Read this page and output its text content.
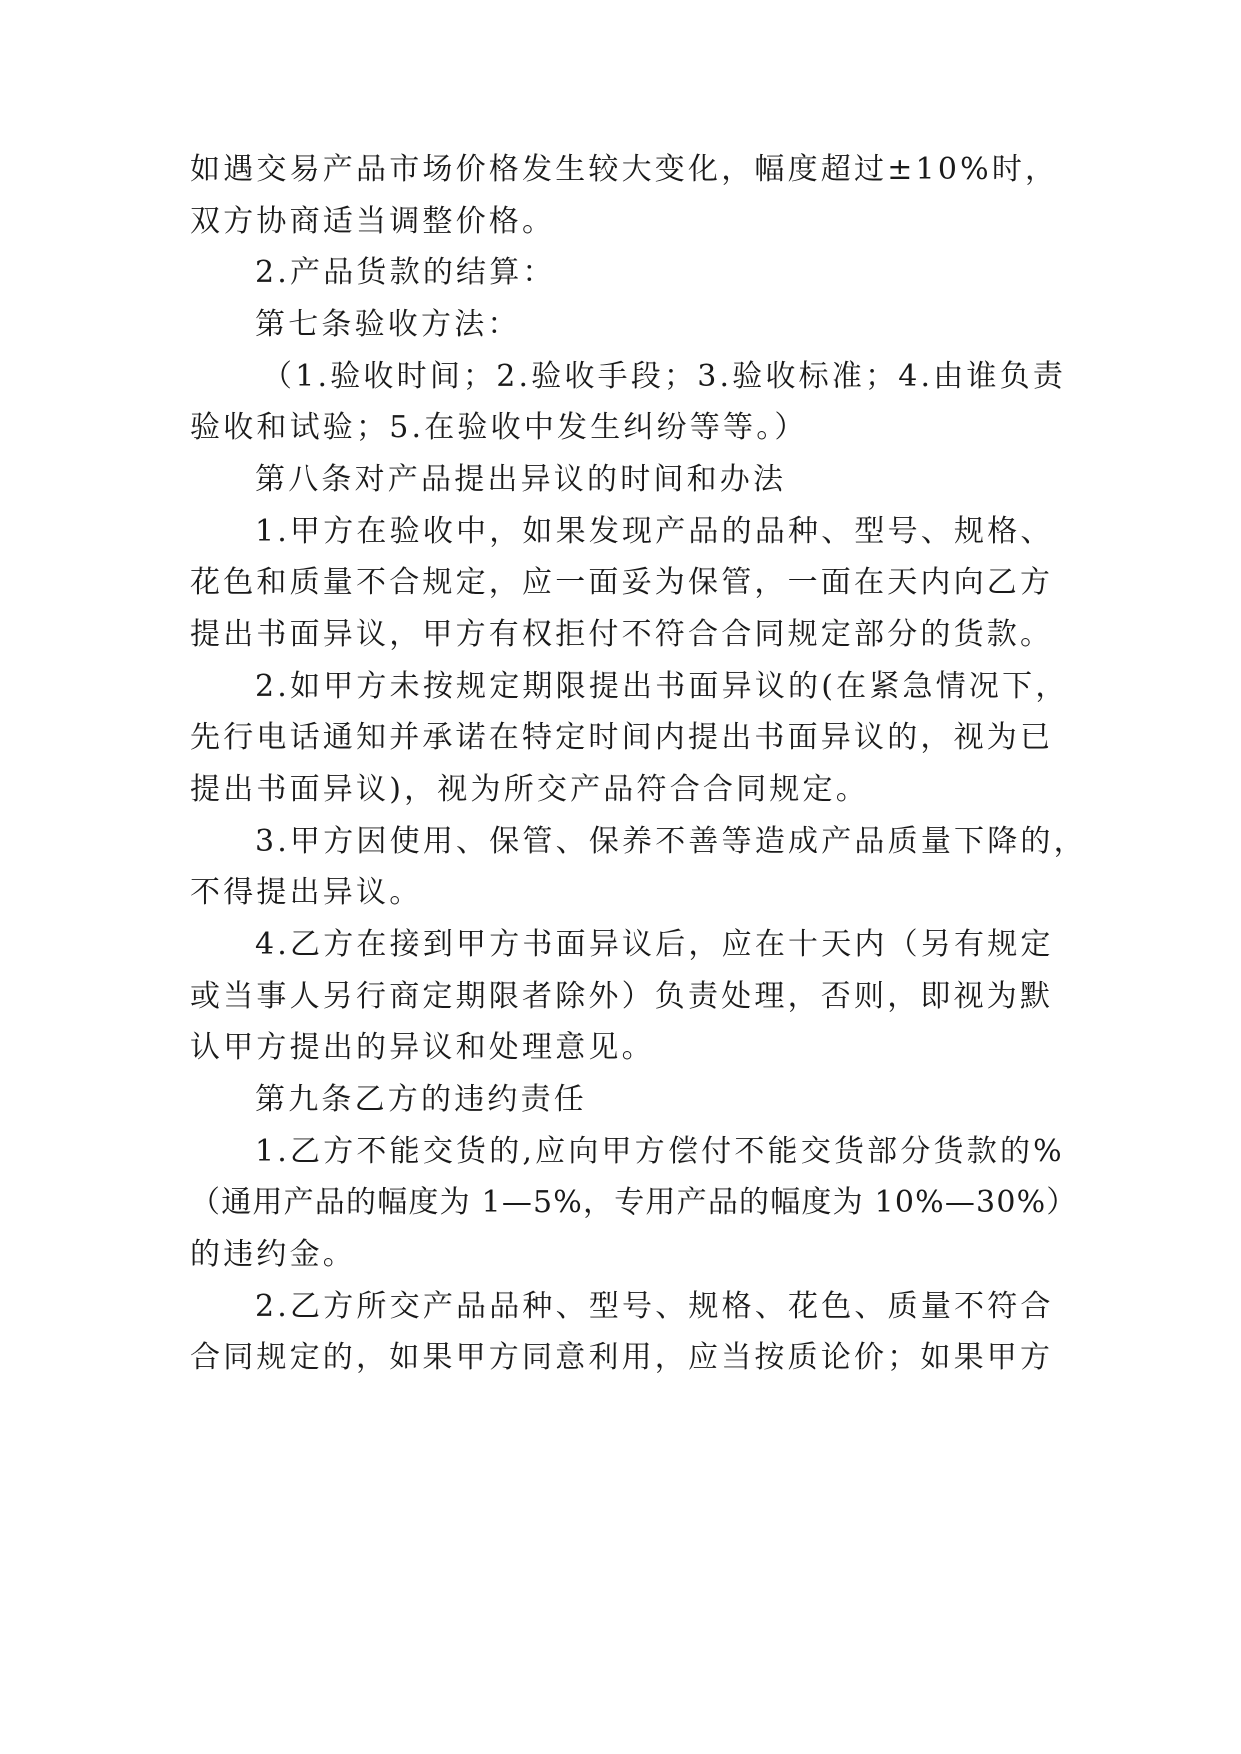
如遇交易产品市场价格发生较大变化，幅度超过±10%时，
双方协商适当调整价格。
2.产品货款的结算：
第七条验收方法：
（1.验收时间；2.验收手段；3.验收标准；4.由谁负责
验收和试验；5.在验收中发生纠纷等等。）
第八条对产品提出异议的时间和办法
1.甲方在验收中，如果发现产品的品种、型号、规格、
花色和质量不合规定，应一面妥为保管，一面在天内向乙方
提出书面异议，甲方有权拒付不符合合同规定部分的货款。
2.如甲方未按规定期限提出书面异议的(在紧急情况下，
先行电话通知并承诺在特定时间内提出书面异议的，视为已
提出书面异议)，视为所交产品符合合同规定。
3.甲方因使用、保管、保养不善等造成产品质量下降的，
不得提出异议。
4.乙方在接到甲方书面异议后，应在十天内（另有规定
或当事人另行商定期限者除外）负责处理，否则，即视为默
认甲方提出的异议和处理意见。
第九条乙方的违约责任
1.乙方不能交货的,应向甲方偿付不能交货部分货款的%
（通用产品的幅度为 1—5%，专用产品的幅度为 10%—30%）
的违约金。
2.乙方所交产品品种、型号、规格、花色、质量不符合
合同规定的，如果甲方同意利用，应当按质论价；如果甲方
